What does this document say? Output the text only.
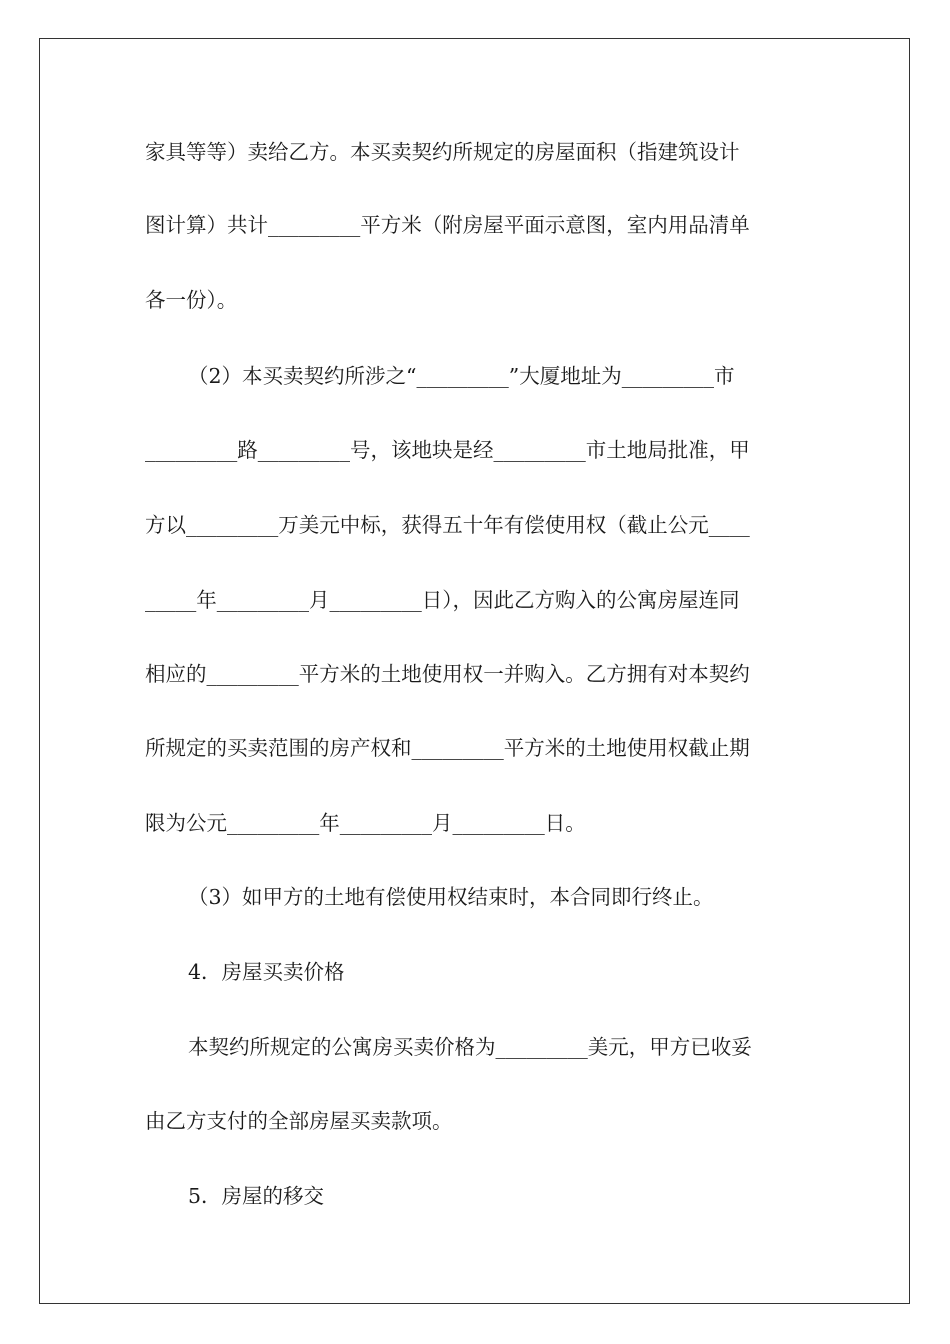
家具等等）卖给乙方。本买卖契约所规定的房屋面积（指建筑设计
图计算）共计_________平方米（附房屋平面示意图，室内用品清单
各一份）。
（2）本买卖契约所涉之“_________”大厦地址为_________市
_________路_________号，该地块是经_________市土地局批准，甲
方以_________万美元中标，获得五十年有偿使用权（截止公元____
_____年_________月_________日），因此乙方购入的公寓房屋连同
相应的_________平方米的土地使用权一并购入。乙方拥有对本契约
所规定的买卖范围的房产权和_________平方米的土地使用权截止期
限为公元_________年_________月_________日。
（3）如甲方的土地有偿使用权结束时，本合同即行终止。
4．房屋买卖价格
本契约所规定的公寓房买卖价格为_________美元，甲方已收妥
由乙方支付的全部房屋买卖款项。
5．房屋的移交
